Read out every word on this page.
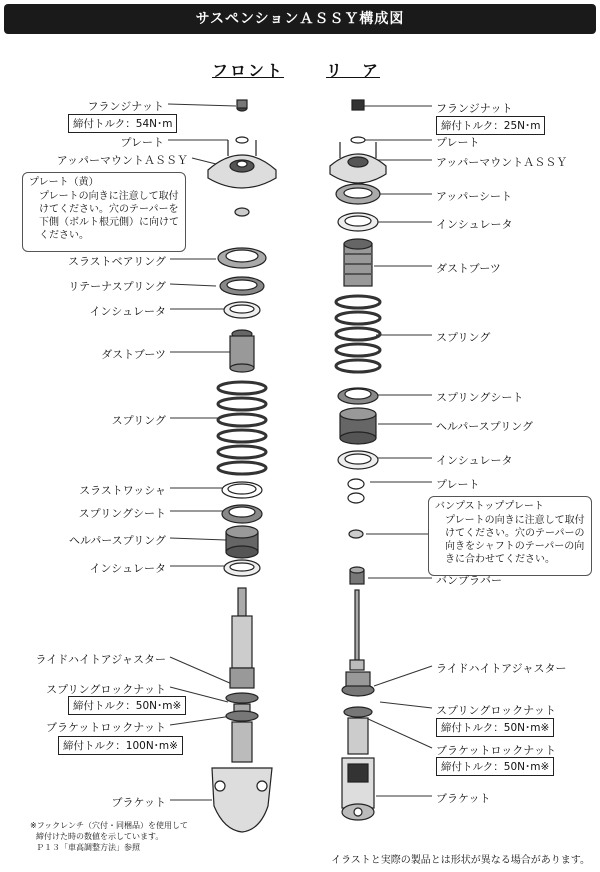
サスペンションＡＳＳＹ構成図
フロント	リ　ア
フランジナット
締付トルク：54N･m
プレート
アッパーマウントＡＳＳＹ
プレート（黄）
プレートの向きに注意して取付けてください。穴のテーパーを下側（ボルト根元側）に向けてください。
スラストベアリング
リテーナスプリング
インシュレータ
ダストブーツ
スプリング
スラストワッシャ
スプリングシート
ヘルパースプリング
インシュレータ
ライドハイトアジャスター
スプリングロックナット
締付トルク：50N･m※
ブラケットロックナット
締付トルク：100N･m※
ブラケット
フランジナット
締付トルク：25N･m
プレート
アッパーマウントＡＳＳＹ
アッパーシート
インシュレータ
ダストブーツ
スプリング
スプリングシート
ヘルパースプリング
インシュレータ
プレート
バンプストッププレート
プレートの向きに注意して取付けてください。穴のテーパーの向きをシャフトのテーパーの向きに合わせてください。
バンプラバー
ライドハイトアジャスター
スプリングロックナット
締付トルク：50N･m※
ブラケットロックナット
締付トルク：50N･m※
ブラケット
※フックレンチ（穴付・同梱品）を使用して
締付けた時の数値を示しています。
Ｐ１３「車高調整方法」参照
イラストと実際の製品とは形状が異なる場合があります。
